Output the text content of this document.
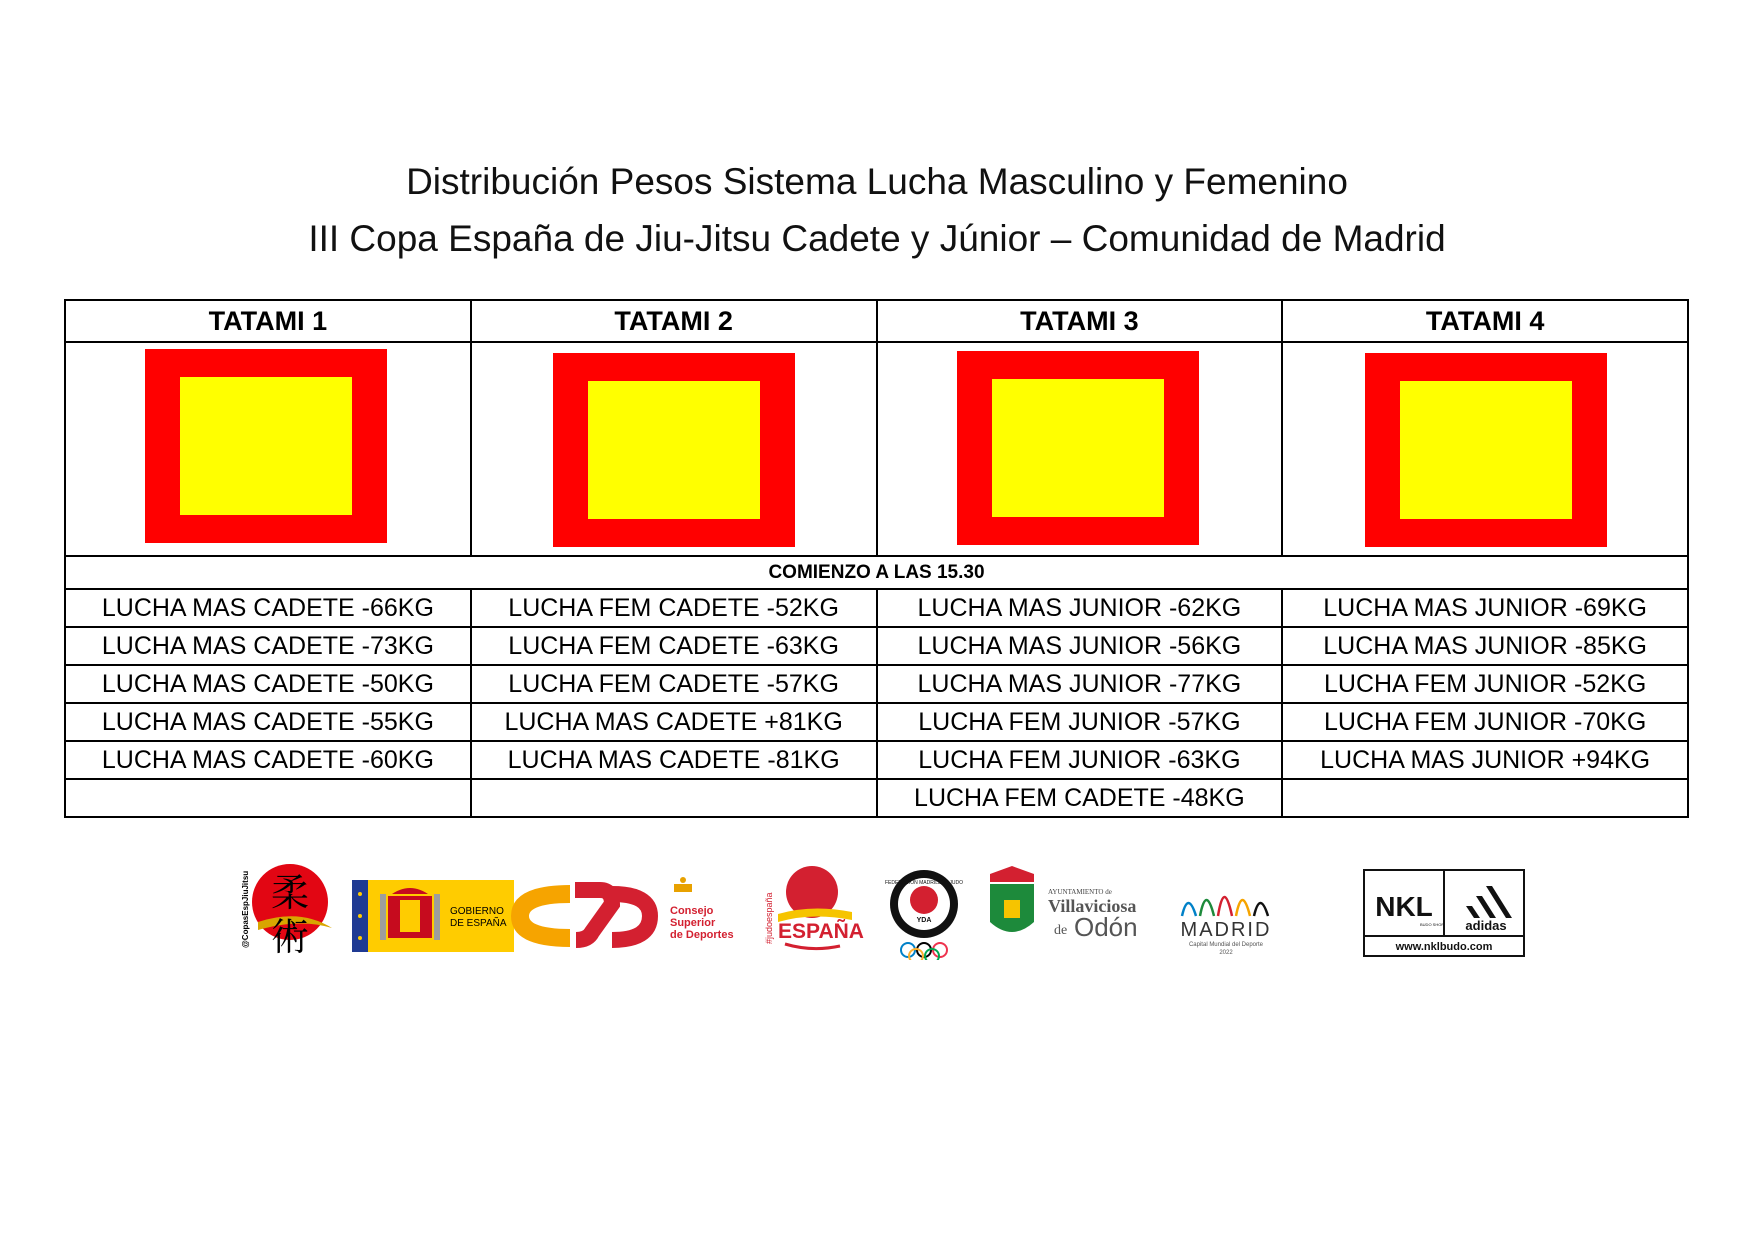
Distribución Pesos Sistema Lucha Masculino y Femenino
III Copa España de Jiu-Jitsu Cadete y Júnior – Comunidad de Madrid
TATAMI 1	TATAMI 2	TATAMI 3	TATAMI 4

COMIENZO A LAS 15.30			
LUCHA MAS CADETE -66KG	LUCHA FEM CADETE -52KG	LUCHA MAS JUNIOR -62KG	LUCHA MAS JUNIOR -69KG
LUCHA MAS CADETE -73KG	LUCHA FEM CADETE -63KG	LUCHA MAS JUNIOR -56KG	LUCHA MAS JUNIOR -85KG
LUCHA MAS CADETE -50KG	LUCHA FEM CADETE -57KG	LUCHA MAS JUNIOR -77KG	LUCHA FEM JUNIOR -52KG
LUCHA MAS CADETE -55KG	LUCHA MAS CADETE +81KG	LUCHA FEM JUNIOR -57KG	LUCHA FEM JUNIOR -70KG
LUCHA MAS CADETE -60KG	LUCHA MAS CADETE -81KG	LUCHA FEM JUNIOR -63KG	LUCHA MAS JUNIOR +94KG
		LUCHA FEM CADETE -48KG	
@CopasEspJiuJitsu 柔
術
GOBIERNO
DE ESPAÑA
Consejo
Superior
de Deportes	#judoespaña ESPAÑA
FEDERACIÓN MADRILEÑA JUDO
YDA
AYUNTAMIENTO de
Villaviciosa
de Odón MADRID
Capital Mundial del Deporte
2022
NKL
BUDO SHOP adidas
www.nklbudo.com
